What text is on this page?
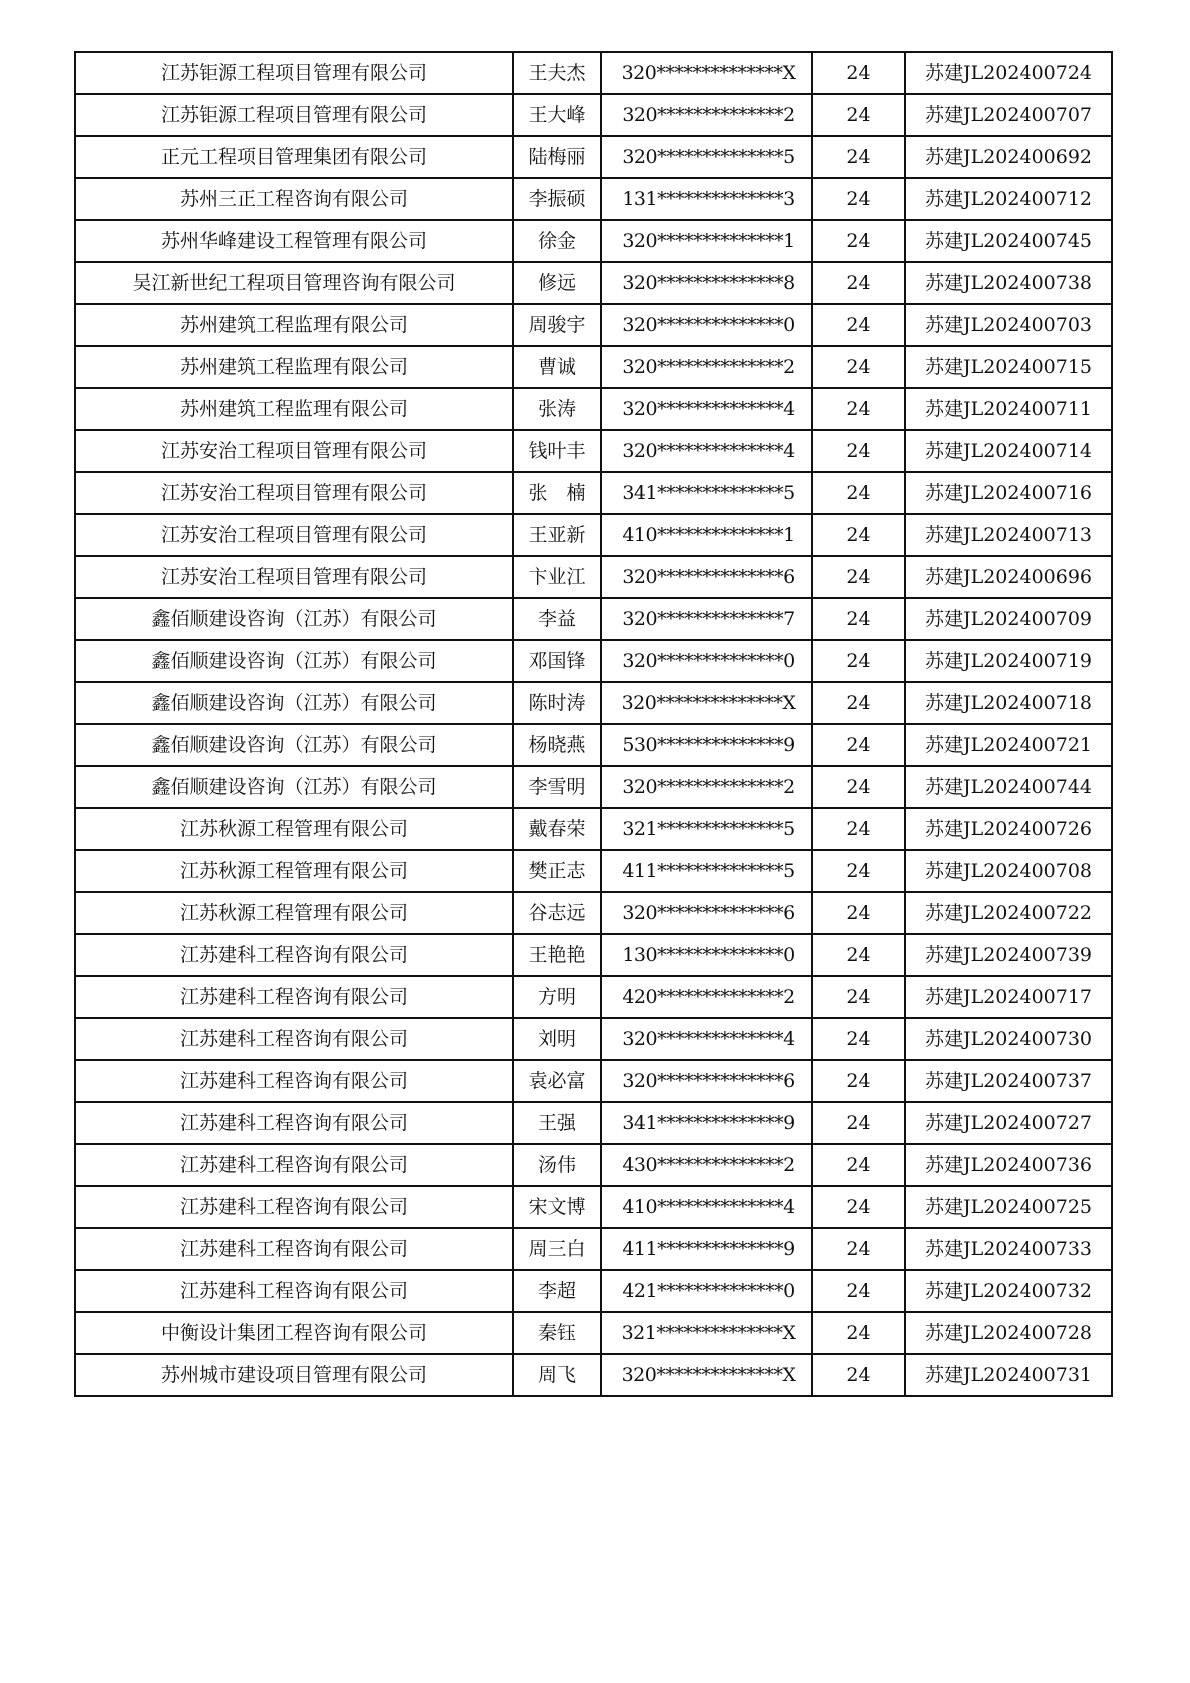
江苏钜源工程项目管理有限公司	王夫杰	320**************X	24	苏建JL202400724
江苏钜源工程项目管理有限公司	王大峰	320**************2	24	苏建JL202400707
正元工程项目管理集团有限公司	陆梅丽	320**************5	24	苏建JL202400692
苏州三正工程咨询有限公司	李振硕	131**************3	24	苏建JL202400712
苏州华峰建设工程管理有限公司	徐金	320**************1	24	苏建JL202400745
吴江新世纪工程项目管理咨询有限公司	修远	320**************8	24	苏建JL202400738
苏州建筑工程监理有限公司	周骏宇	320**************0	24	苏建JL202400703
苏州建筑工程监理有限公司	曹诚	320**************2	24	苏建JL202400715
苏州建筑工程监理有限公司	张涛	320**************4	24	苏建JL202400711
江苏安治工程项目管理有限公司	钱叶丰	320**************4	24	苏建JL202400714
江苏安治工程项目管理有限公司	张　楠	341**************5	24	苏建JL202400716
江苏安治工程项目管理有限公司	王亚新	410**************1	24	苏建JL202400713
江苏安治工程项目管理有限公司	卞业江	320**************6	24	苏建JL202400696
鑫佰顺建设咨询（江苏）有限公司	李益	320**************7	24	苏建JL202400709
鑫佰顺建设咨询（江苏）有限公司	邓国锋	320**************0	24	苏建JL202400719
鑫佰顺建设咨询（江苏）有限公司	陈时涛	320**************X	24	苏建JL202400718
鑫佰顺建设咨询（江苏）有限公司	杨晓燕	530**************9	24	苏建JL202400721
鑫佰顺建设咨询（江苏）有限公司	李雪明	320**************2	24	苏建JL202400744
江苏秋源工程管理有限公司	戴春荣	321**************5	24	苏建JL202400726
江苏秋源工程管理有限公司	樊正志	411**************5	24	苏建JL202400708
江苏秋源工程管理有限公司	谷志远	320**************6	24	苏建JL202400722
江苏建科工程咨询有限公司	王艳艳	130**************0	24	苏建JL202400739
江苏建科工程咨询有限公司	方明	420**************2	24	苏建JL202400717
江苏建科工程咨询有限公司	刘明	320**************4	24	苏建JL202400730
江苏建科工程咨询有限公司	袁必富	320**************6	24	苏建JL202400737
江苏建科工程咨询有限公司	王强	341**************9	24	苏建JL202400727
江苏建科工程咨询有限公司	汤伟	430**************2	24	苏建JL202400736
江苏建科工程咨询有限公司	宋文博	410**************4	24	苏建JL202400725
江苏建科工程咨询有限公司	周三白	411**************9	24	苏建JL202400733
江苏建科工程咨询有限公司	李超	421**************0	24	苏建JL202400732
中衡设计集团工程咨询有限公司	秦钰	321**************X	24	苏建JL202400728
苏州城市建设项目管理有限公司	周飞	320**************X	24	苏建JL202400731
